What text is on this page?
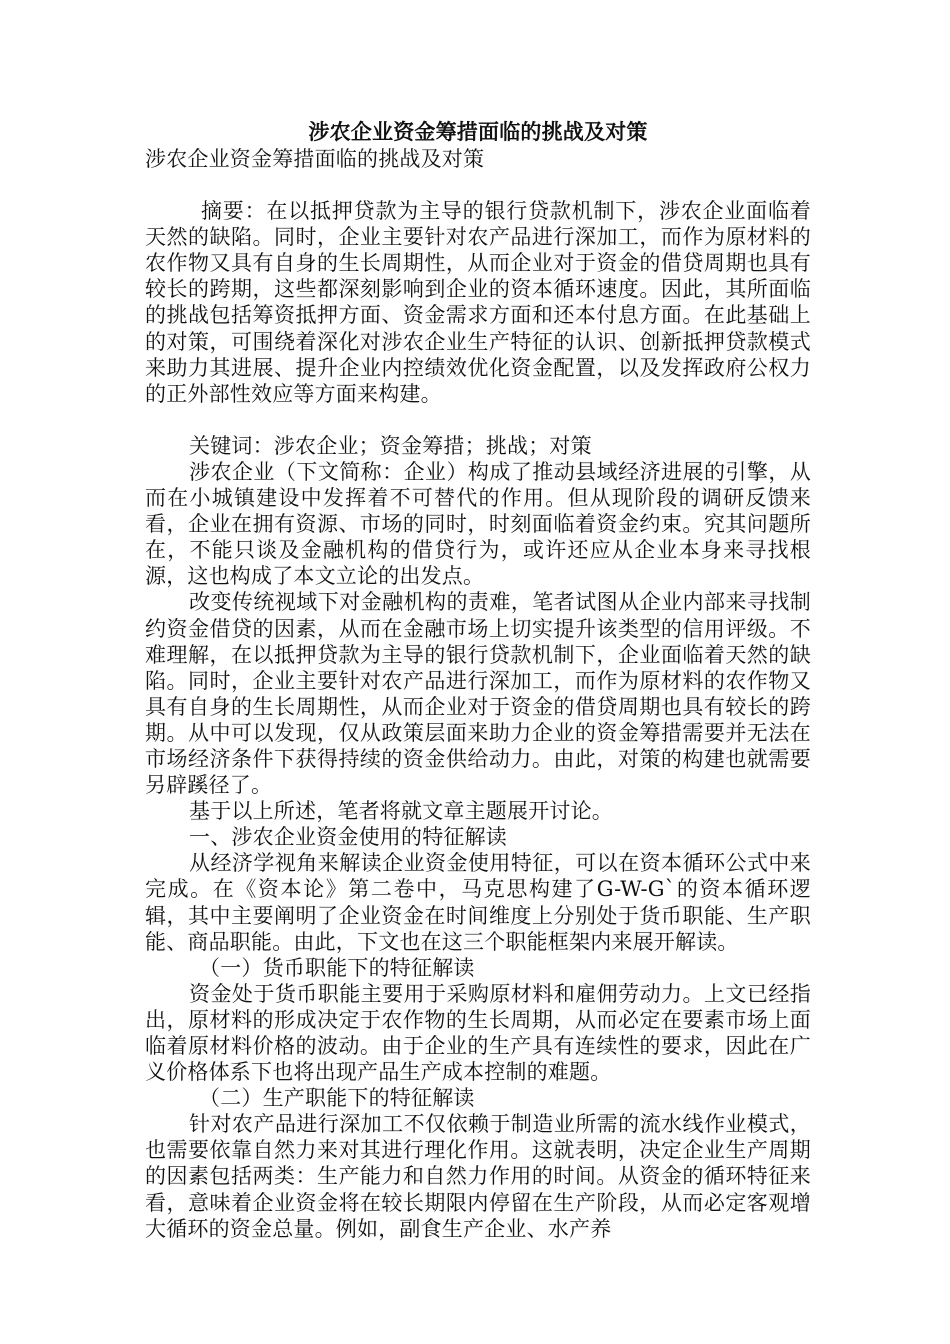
涉农企业资金筹措面临的挑战及对策

涉农企业资金筹措面临的挑战及对策

摘要：在以抵押贷款为主导的银行贷款机制下，涉农企业面临着天然的缺陷。同时，企业主要针对农产品进行深加工，而作为原材料的农作物又具有自身的生长周期性，从而企业对于资金的借贷周期也具有较长的跨期，这些都深刻影响到企业的资本循环速度。因此，其所面临的挑战包括筹资抵押方面、资金需求方面和还本付息方面。在此基础上的对策，可围绕着深化对涉农企业生产特征的认识、创新抵押贷款模式来助力其进展、提升企业内控绩效优化资金配置，以及发挥政府公权力的正外部性效应等方面来构建。

关键词：涉农企业；资金筹措；挑战；对策

涉农企业（下文简称：企业）构成了推动县域经济进展的引擎，从而在小城镇建设中发挥着不可替代的作用。但从现阶段的调研反馈来看，企业在拥有资源、市场的同时，时刻面临着资金约束。究其问题所在，不能只谈及金融机构的借贷行为，或许还应从企业本身来寻找根源，这也构成了本文立论的出发点。

改变传统视域下对金融机构的责难，笔者试图从企业内部来寻找制约资金借贷的因素，从而在金融市场上切实提升该类型的信用评级。不难理解，在以抵押贷款为主导的银行贷款机制下，企业面临着天然的缺陷。同时，企业主要针对农产品进行深加工，而作为原材料的农作物又具有自身的生长周期性，从而企业对于资金的借贷周期也具有较长的跨期。从中可以发现，仅从政策层面来助力企业的资金筹措需要并无法在市场经济条件下获得持续的资金供给动力。由此，对策的构建也就需要另辟蹊径了。

基于以上所述，笔者将就文章主题展开讨论。

一、涉农企业资金使用的特征解读

从经济学视角来解读企业资金使用特征，可以在资本循环公式中来完成。在《资本论》第二卷中，马克思构建了G-W-G`的资本循环逻辑，其中主要阐明了企业资金在时间维度上分别处于货币职能、生产职能、商品职能。由此，下文也在这三个职能框架内来展开解读。

（一）货币职能下的特征解读

资金处于货币职能主要用于采购原材料和雇佣劳动力。上文已经指出，原材料的形成决定于农作物的生长周期，从而必定在要素市场上面临着原材料价格的波动。由于企业的生产具有连续性的要求，因此在广义价格体系下也将出现产品生产成本控制的难题。

（二）生产职能下的特征解读

针对农产品进行深加工不仅依赖于制造业所需的流水线作业模式，也需要依靠自然力来对其进行理化作用。这就表明，决定企业生产周期的因素包括两类：生产能力和自然力作用的时间。从资金的循环特征来看，意味着企业资金将在较长期限内停留在生产阶段，从而必定客观增大循环的资金总量。例如，副食生产企业、水产养
